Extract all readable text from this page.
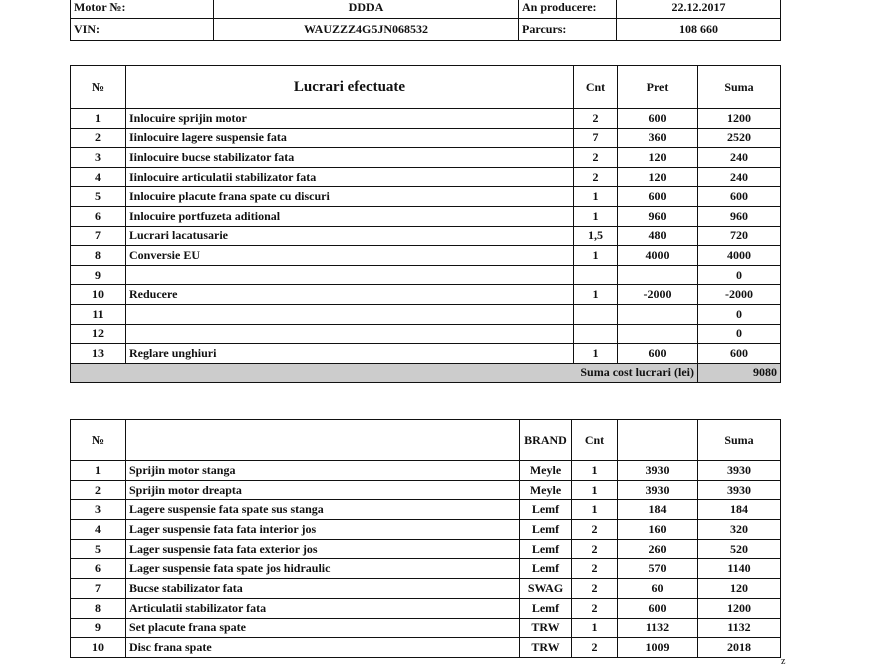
Motor №:	DDDA	An producere:	22.12.2017
VIN:	WAUZZZ4G5JN068532	Parcurs:	108 660
№	Lucrari efectuate	Cnt	Pret	Suma
1	Inlocuire sprijin motor	2	600	1200
2	Iinlocuire lagere suspensie fata	7	360	2520
3	Iinlocuire bucse stabilizator fata	2	120	240
4	Iinlocuire articulatii stabilizator fata	2	120	240
5	Inlocuire placute frana spate cu discuri	1	600	600
6	Inlocuire portfuzeta aditional	1	960	960
7	Lucrari lacatusarie	1,5	480	720
8	Conversie EU	1	4000	4000
9				0
10	Reducere	1	-2000	-2000
11				0
12				0
13	Reglare unghiuri	1	600	600
Suma cost lucrari (lei)				9080
№		BRAND	Cnt		Suma
1	Sprijin motor stanga	Meyle	1	3930	3930
2	Sprijin motor dreapta	Meyle	1	3930	3930
3	Lagere suspensie fata spate sus stanga	Lemf	1	184	184
4	Lager suspensie fata fata interior jos	Lemf	2	160	320
5	Lager suspensie fata fata exterior jos	Lemf	2	260	520
6	Lager suspensie fata spate jos hidraulic	Lemf	2	570	1140
7	Bucse stabilizator fata	SWAG	2	60	120
8	Articulatii stabilizator fata	Lemf	2	600	1200
9	Set placute frana spate	TRW	1	1132	1132
10	Disc frana spate	TRW	2	1009	2018
z
